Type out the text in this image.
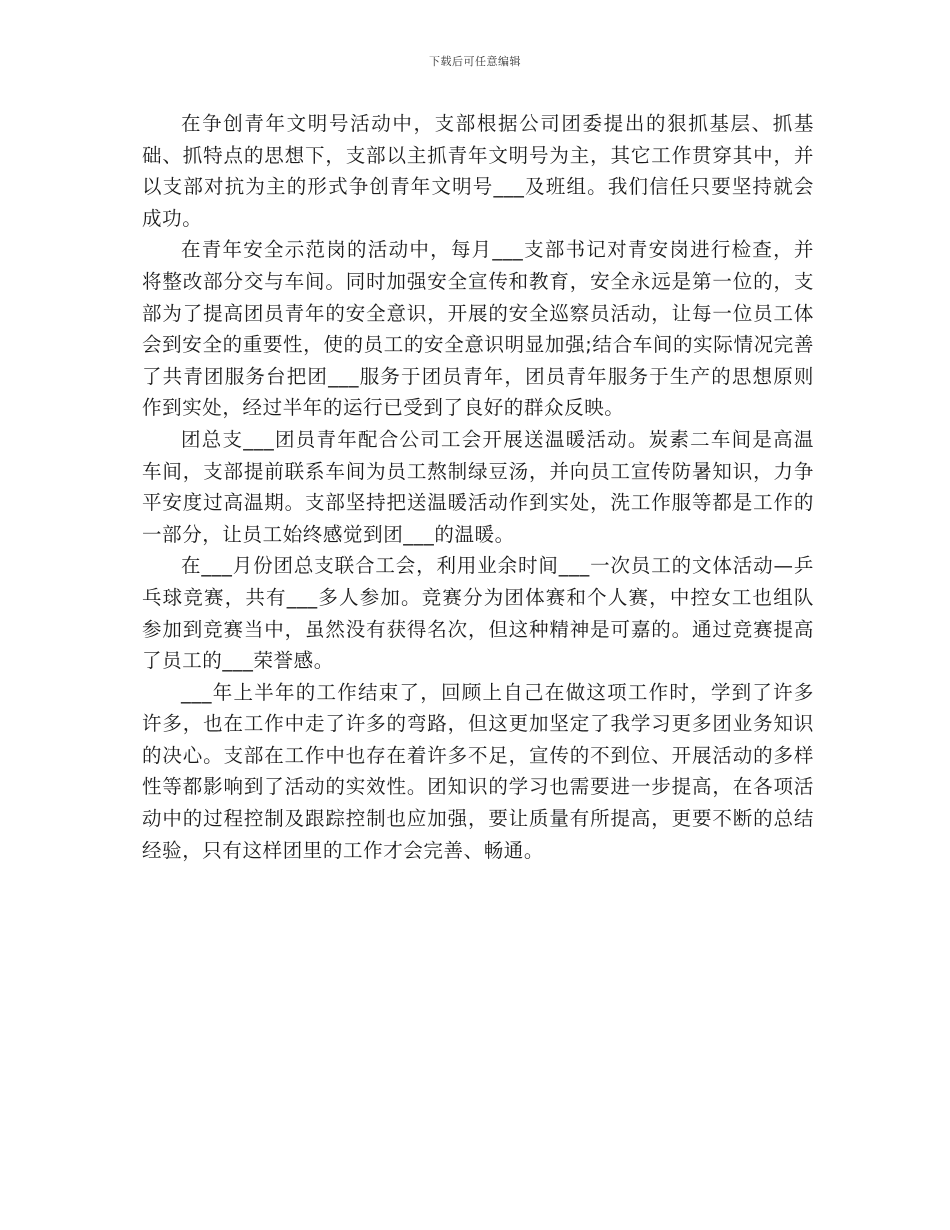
下载后可任意编辑

在争创青年文明号活动中，支部根据公司团委提出的狠抓基层、抓基础、抓特点的思想下，支部以主抓青年文明号为主，其它工作贯穿其中，并以支部对抗为主的形式争创青年文明号___及班组。我们信任只要坚持就会成功。

在青年安全示范岗的活动中，每月___支部书记对青安岗进行检查，并将整改部分交与车间。同时加强安全宣传和教育，安全永远是第一位的，支部为了提高团员青年的安全意识，开展的安全巡察员活动，让每一位员工体会到安全的重要性，使的员工的安全意识明显加强;结合车间的实际情况完善了共青团服务台把团___服务于团员青年，团员青年服务于生产的思想原则作到实处，经过半年的运行已受到了良好的群众反映。

团总支___团员青年配合公司工会开展送温暖活动。炭素二车间是高温车间，支部提前联系车间为员工熬制绿豆汤，并向员工宣传防暑知识，力争平安度过高温期。支部坚持把送温暖活动作到实处，洗工作服等都是工作的一部分，让员工始终感觉到团___的温暖。

在___月份团总支联合工会，利用业余时间___一次员工的文体活动—乒乓球竞赛，共有___多人参加。竞赛分为团体赛和个人赛，中控女工也组队参加到竞赛当中，虽然没有获得名次，但这种精神是可嘉的。通过竞赛提高了员工的___荣誉感。

___年上半年的工作结束了，回顾上自己在做这项工作时，学到了许多许多，也在工作中走了许多的弯路，但这更加坚定了我学习更多团业务知识的决心。支部在工作中也存在着许多不足，宣传的不到位、开展活动的多样性等都影响到了活动的实效性。团知识的学习也需要进一步提高，在各项活动中的过程控制及跟踪控制也应加强，要让质量有所提高，更要不断的总结经验，只有这样团里的工作才会完善、畅通。
